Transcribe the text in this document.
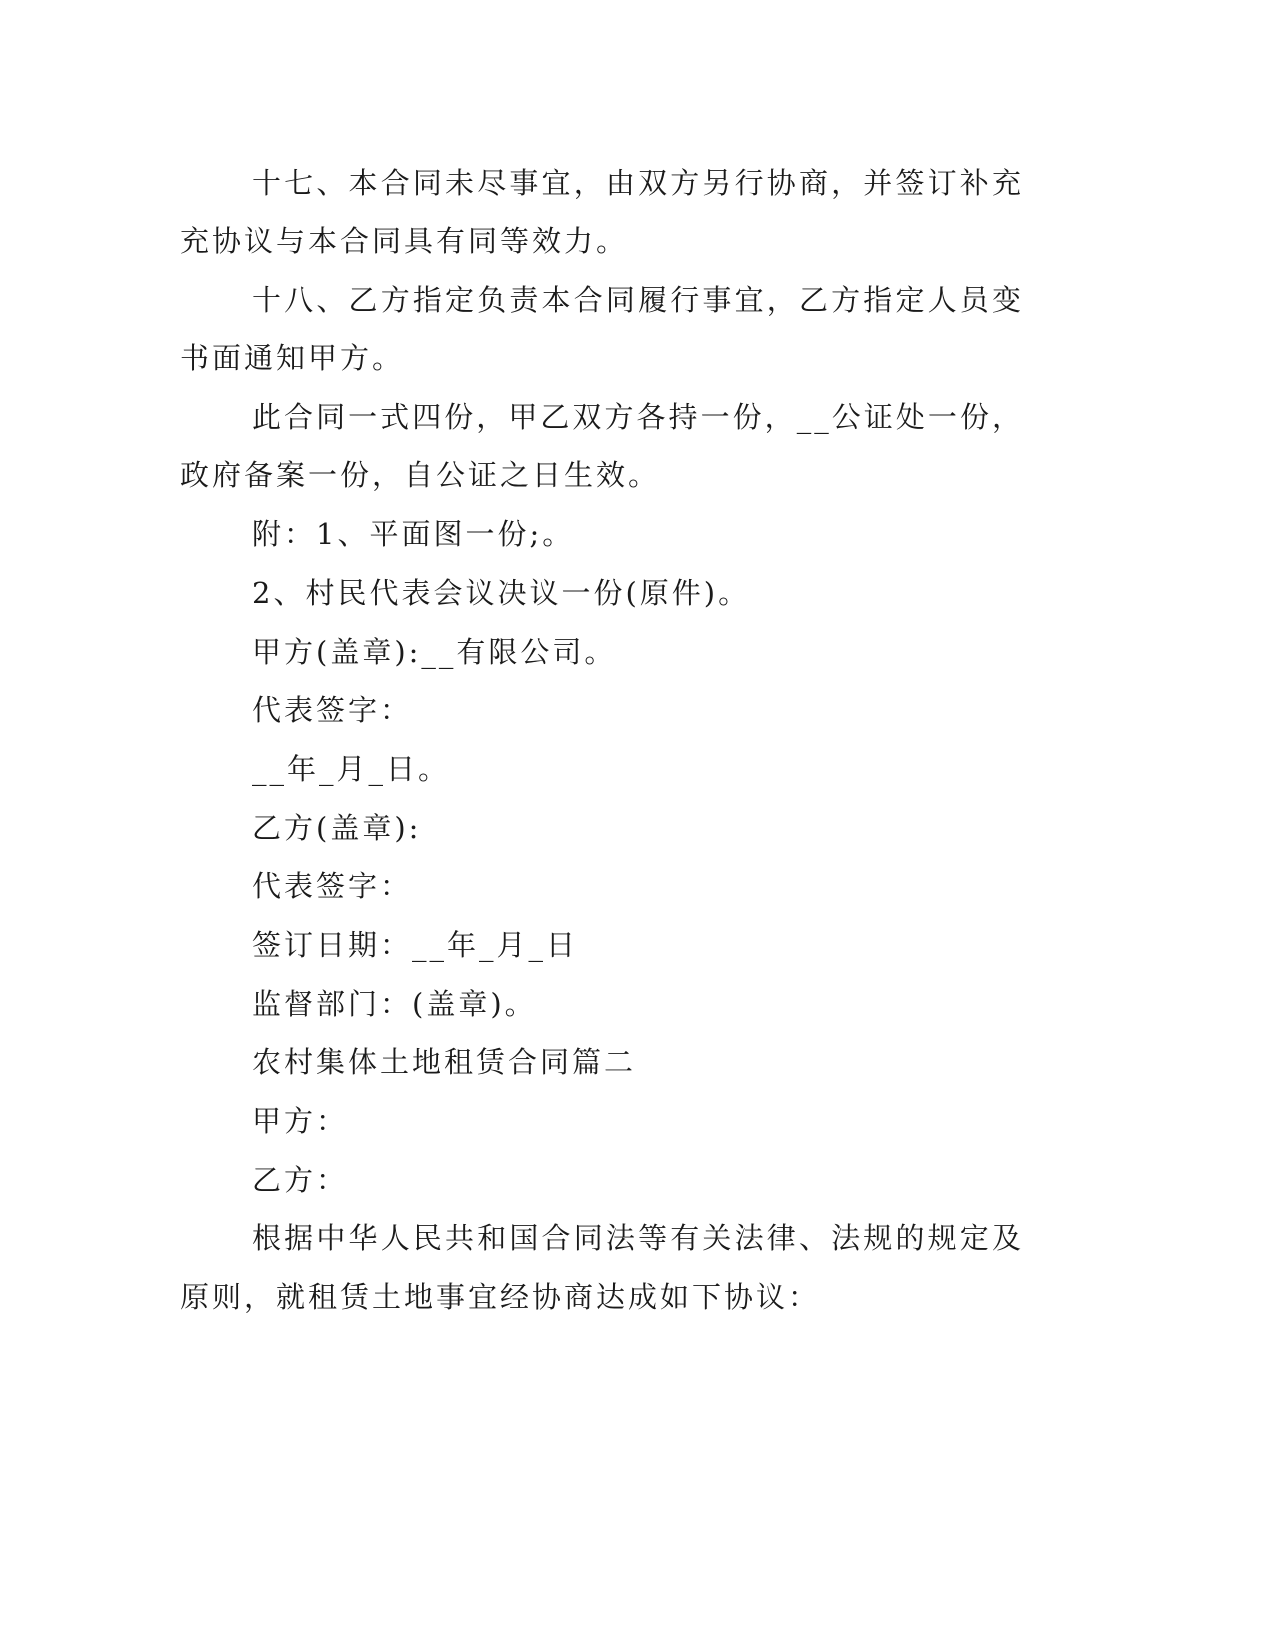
十七、本合同未尽事宜，由双方另行协商，并签订补充
充协议与本合同具有同等效力。
十八、乙方指定负责本合同履行事宜，乙方指定人员变
书面通知甲方。
此合同一式四份，甲乙双方各持一份，__公证处一份，
政府备案一份，自公证之日生效。
附：1、平面图一份;。
2、村民代表会议决议一份(原件)。
甲方(盖章):__有限公司。
代表签字：
__年_月_日。
乙方(盖章):
代表签字：
签订日期：__年_月_日
监督部门：(盖章)。
农村集体土地租赁合同篇二
甲方：
乙方：
根据中华人民共和国合同法等有关法律、法规的规定及
原则，就租赁土地事宜经协商达成如下协议：
